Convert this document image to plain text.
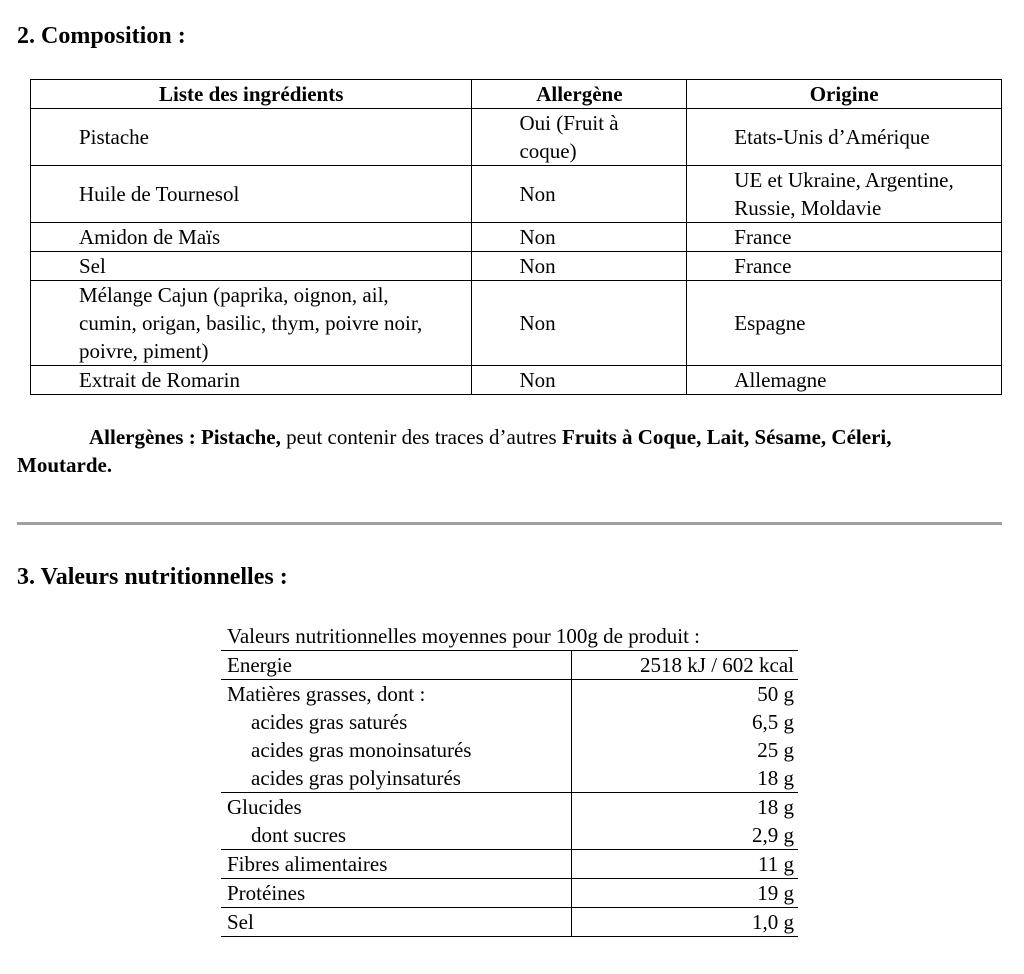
2. Composition :
Liste des ingrédients	Allergène	Origine
Pistache	Oui (Fruit à coque)	Etats-Unis d’Amérique
Huile de Tournesol	Non	UE et Ukraine, Argentine, Russie, Moldavie
Amidon de Maïs	Non	France
Sel	Non	France
Mélange Cajun (paprika, oignon, ail, cumin, origan, basilic, thym, poivre noir, poivre, piment)	Non	Espagne
Extrait de Romarin	Non	Allemagne

Allergènes : Pistache, peut contenir des traces d’autres Fruits à Coque, Lait, Sésame, Céleri, Moutarde.

3. Valeurs nutritionnelles :
Valeurs nutritionnelles moyennes pour 100g de produit :	
Energie	2518 kJ / 602 kcal
Matières grasses, dont :	50 g
acides gras saturés	6,5 g
acides gras monoinsaturés	25 g
acides gras polyinsaturés	18 g
Glucides	18 g
dont sucres	2,9 g
Fibres alimentaires	11 g
Protéines	19 g
Sel	1,0 g
